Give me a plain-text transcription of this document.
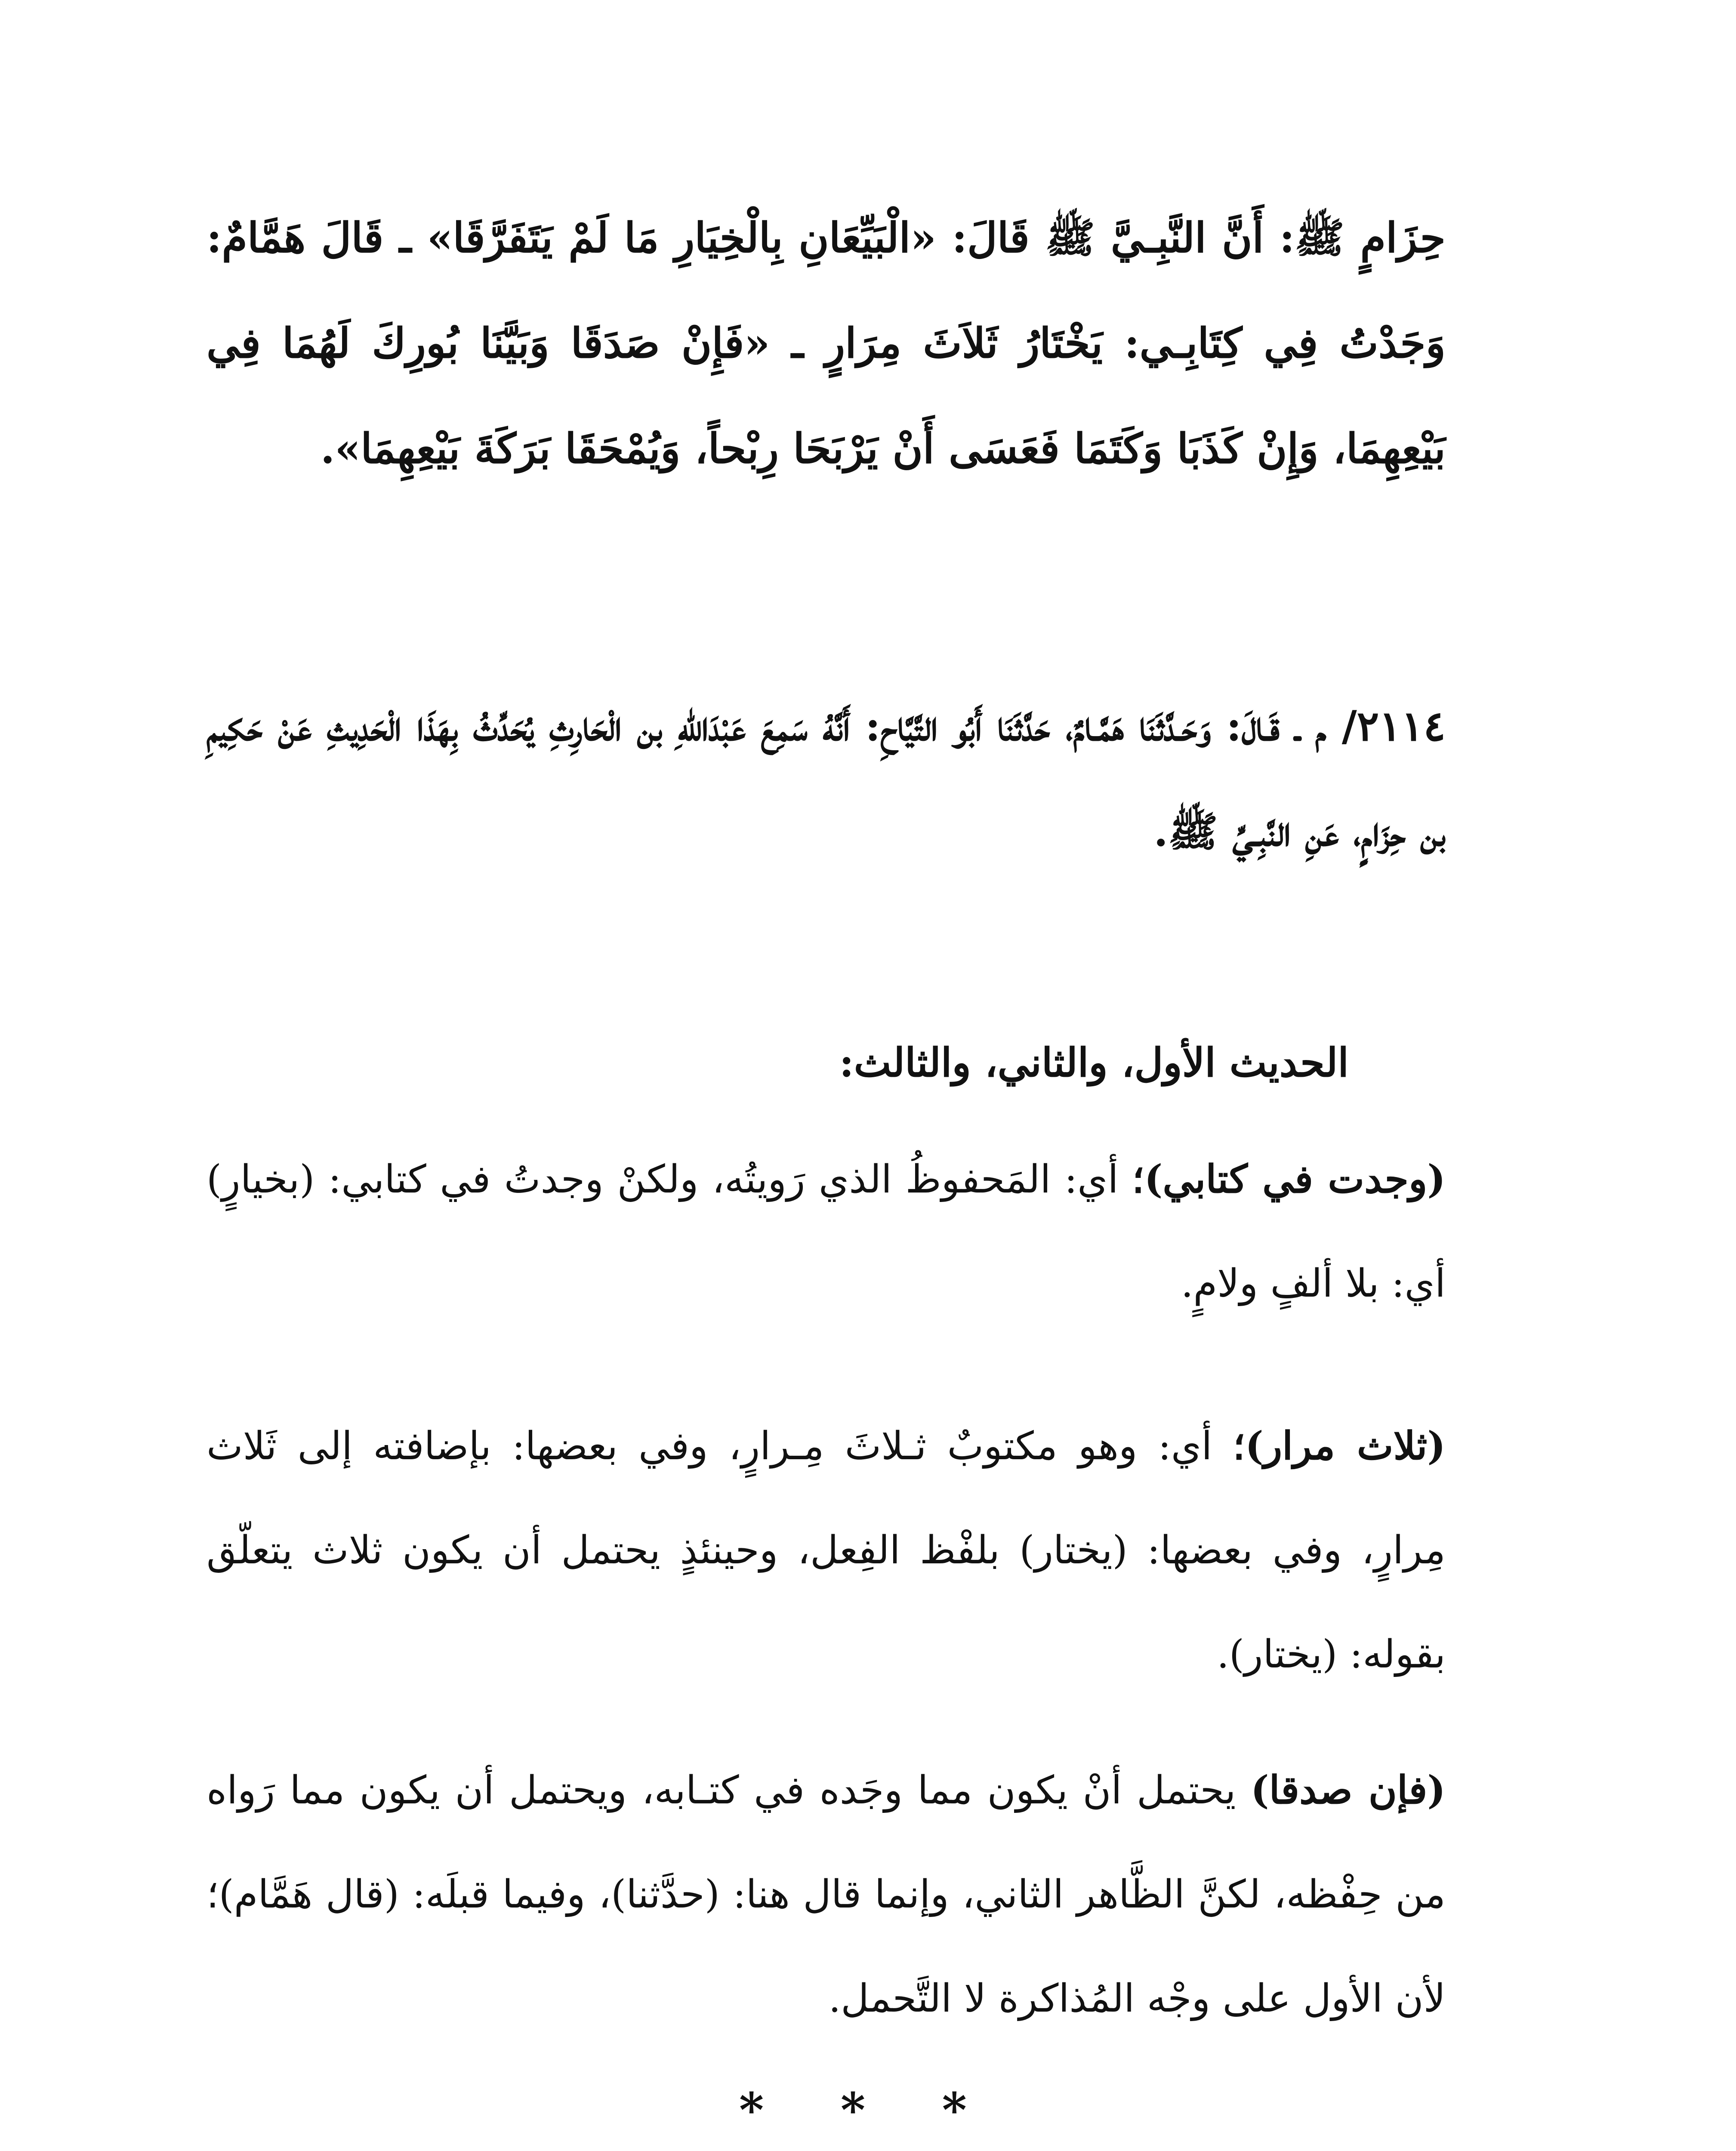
حِزَامٍ ﷺ: أَنَّ النَّبِـيَّ ﷺ قَالَ: «الْبَيِّعَانِ بِالْخِيَارِ مَا لَمْ يَتَفَرَّقَا» ـ قَالَ هَمَّامٌ: وَجَدْتُ فِي كِتَابِـي: يَخْتَارُ ثَلاَثَ مِرَارٍ ـ «فَإِنْ صَدَقَا وَبَيَّنَا بُورِكَ لَهُمَا فِي بَيْعِهِمَا، وَإِنْ كَذَبَا وَكَتَمَا فَعَسَى أَنْ يَرْبَحَا رِبْحاً، وَيُمْحَقَا بَرَكَةَ بَيْعِهِمَا».

٢١١٤/ م ـ قَـالَ: وَحَـدَّثَنَا هَمَّـامٌ، حَدَّثَنَا أَبُو التَّيَّاحِ: أَنَّهُ سَمِعَ عَبْدَاللهِ بن الْحَارِثِ يُحَدِّثُ بِهَذَا الْحَدِيثِ عَنْ حَكِيمِ بن حِزَامٍ، عَنِ النَّبِـيِّ ﷺ.

الحديث الأول، والثاني، والثالث:

(وجدت في كتابي)؛ أي: المَحفوظُ الذي رَويتُه، ولكنْ وجدتُ في كتابي: (بخيارٍ) أي: بلا ألفٍ ولامٍ.

(ثلاث مرار)؛ أي: وهو مكتوبٌ ثـلاثَ مِـرارٍ، وفي بعضها: بإضافته إلى ثَلاث مِرارٍ، وفي بعضها: (يختار) بلفْظ الفِعل، وحينئذٍ يحتمل أن يكون ثلاث يتعلّق بقوله: (يختار).

(فإن صدقا) يحتمل أنْ يكون مما وجَده في كتـابه، ويحتمل أن يكون مما رَواه من حِفْظه، لكنَّ الظَّاهر الثاني، وإنما قال هنا: (حدَّثنا)، وفيما قبلَه: (قال هَمَّام)؛ لأن الأول على وجْه المُذاكرة لا التَّحمل.

* * *
